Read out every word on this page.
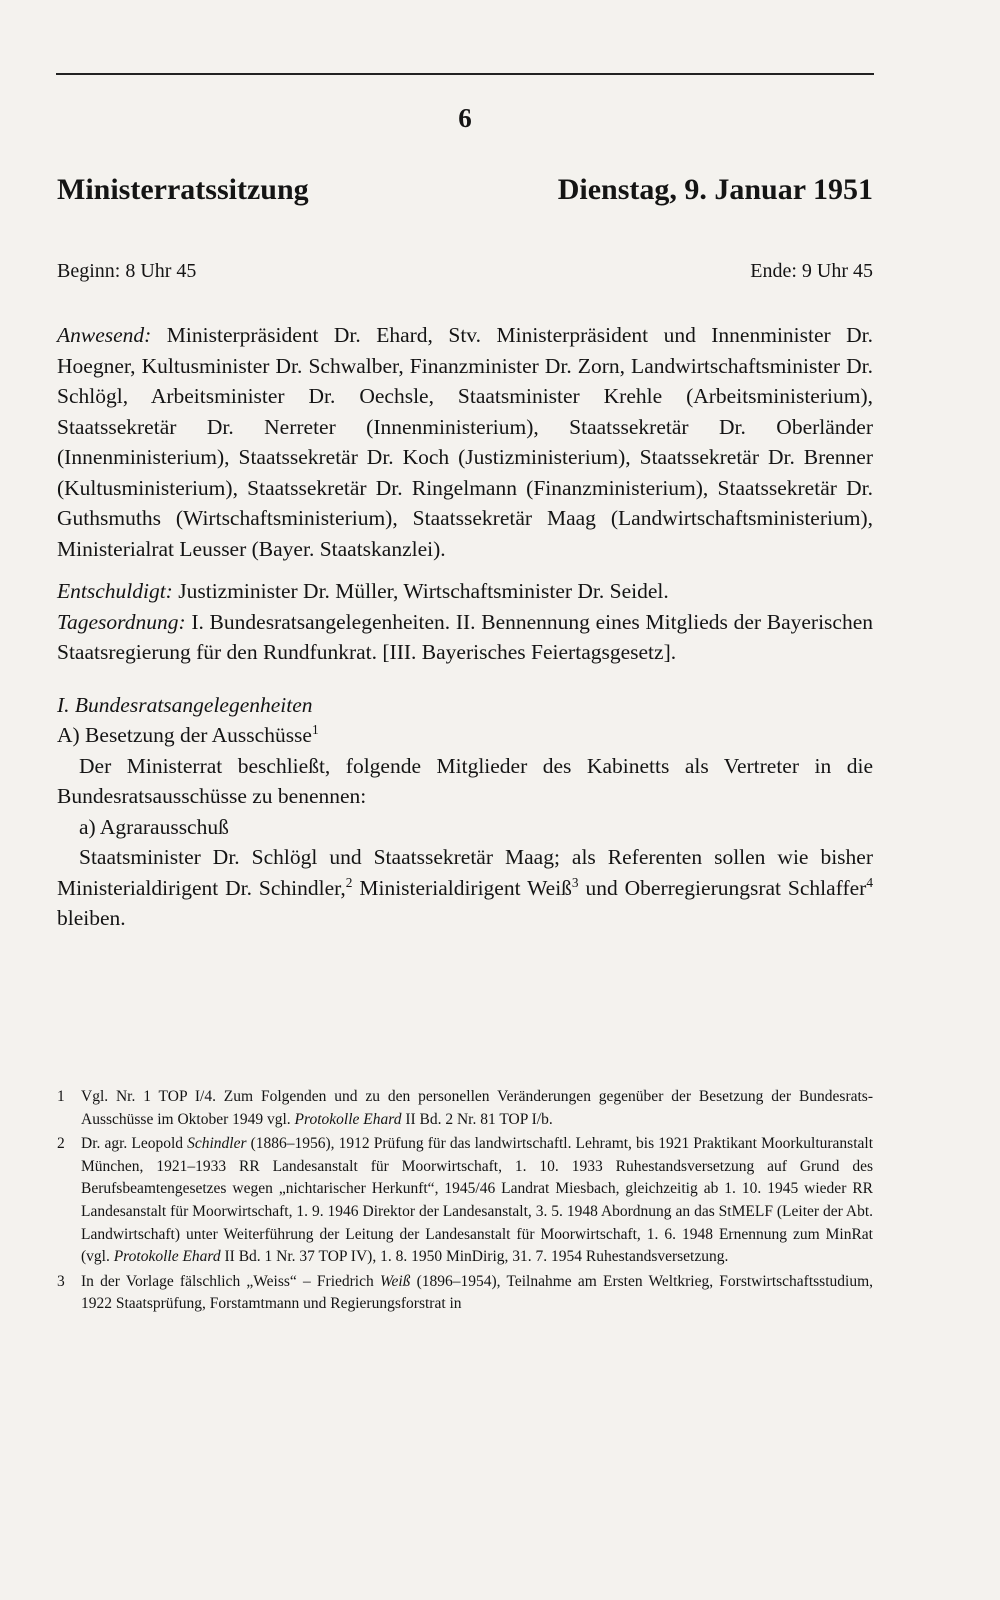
6
Ministerratssitzung	Dienstag, 9. Januar 1951
Beginn: 8 Uhr 45	Ende: 9 Uhr 45

Anwesend: Ministerpräsident Dr. Ehard, Stv. Ministerpräsident und Innenminister Dr. Hoegner, Kultusminister Dr. Schwalber, Finanzminister Dr. Zorn, Landwirtschaftsminister Dr. Schlögl, Arbeitsminister Dr. Oechsle, Staatsminister Krehle (Arbeitsministerium), Staatssekretär Dr. Nerreter (Innenministerium), Staatssekretär Dr. Oberländer (Innenministerium), Staatssekretär Dr. Koch (Justizministerium), Staatssekretär Dr. Brenner (Kultusministerium), Staatssekretär Dr. Ringelmann (Finanzministerium), Staatssekretär Dr. Guthsmuths (Wirtschaftsministerium), Staatssekretär Maag (Landwirtschaftsministerium), Ministerialrat Leusser (Bayer. Staatskanzlei).

Entschuldigt: Justizminister Dr. Müller, Wirtschaftsminister Dr. Seidel.

Tagesordnung: I. Bundesratsangelegenheiten. II. Bennennung eines Mitglieds der Bayerischen Staatsregierung für den Rundfunkrat. [III. Bayerisches Feiertagsgesetz].

I. Bundesratsangelegenheiten

A) Besetzung der Ausschüsse$^1$

Der Ministerrat beschließt, folgende Mitglieder des Kabinetts als Vertreter in die Bundesratsausschüsse zu benennen:

a) Agrarausschuß

Staatsminister Dr. Schlögl und Staatssekretär Maag; als Referenten sollen wie bisher Ministerialdirigent Dr. Schindler,$^2$ Ministerialdirigent Weiß$^3$ und Oberregierungsrat Schlaffer$^4$ bleiben.

1 Vgl. Nr. 1 TOP I/4. Zum Folgenden und zu den personellen Veränderungen gegenüber der Besetzung der Bundesrats-Ausschüsse im Oktober 1949 vgl. Protokolle Ehard II Bd. 2 Nr. 81 TOP I/b.

2 Dr. agr. Leopold Schindler (1886–1956), 1912 Prüfung für das landwirtschaftl. Lehramt, bis 1921 Praktikant Moorkulturanstalt München, 1921–1933 RR Landesanstalt für Moorwirtschaft, 1. 10. 1933 Ruhestandsversetzung auf Grund des Berufsbeamtengesetzes wegen „nichtarischer Herkunft“, 1945/46 Landrat Miesbach, gleichzeitig ab 1. 10. 1945 wieder RR Landesanstalt für Moorwirtschaft, 1. 9. 1946 Direktor der Landesanstalt, 3. 5. 1948 Abordnung an das StMELF (Leiter der Abt. Landwirtschaft) unter Weiterführung der Leitung der Landesanstalt für Moorwirtschaft, 1. 6. 1948 Ernennung zum MinRat (vgl. Protokolle Ehard II Bd. 1 Nr. 37 TOP IV), 1. 8. 1950 MinDirig, 31. 7. 1954 Ruhestandsversetzung.

3 In der Vorlage fälschlich „Weiss“ – Friedrich Weiß (1896–1954), Teilnahme am Ersten Weltkrieg, Forstwirtschaftsstudium, 1922 Staatsprüfung, Forstamtmann und Regierungsforstrat in
